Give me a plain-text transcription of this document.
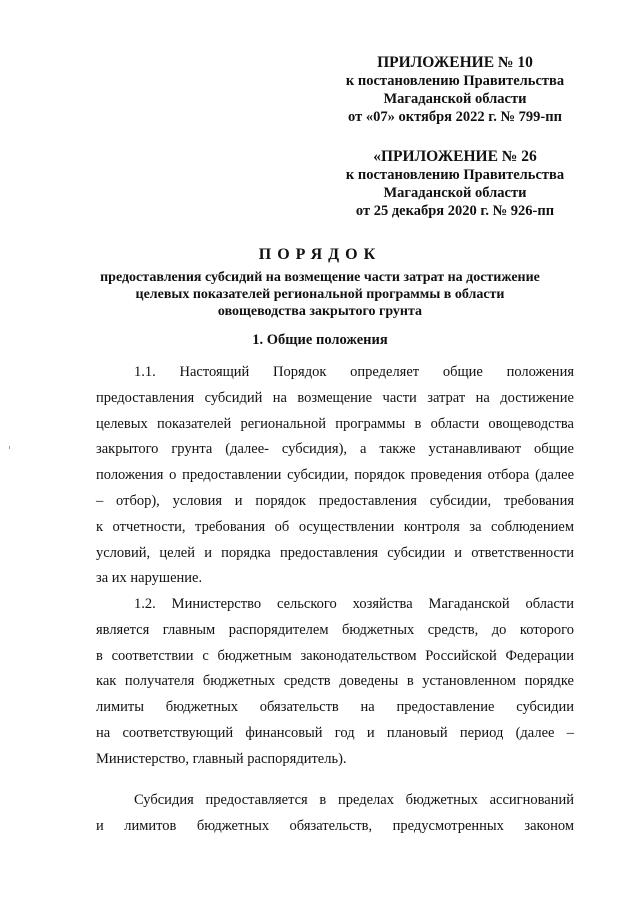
ПРИЛОЖЕНИЕ № 10
к постановлению Правительства
Магаданской области
от «07» октября 2022 г. № 799-пп
«ПРИЛОЖЕНИЕ № 26
к постановлению Правительства
Магаданской области
от 25 декабря 2020 г. № 926-пп
ПОРЯДОК
предоставления субсидий на возмещение части затрат на достижение
целевых показателей региональной программы в области
овощеводства закрытого грунта
1. Общие положения
1.1. Настоящий Порядок определяет общие положения
предоставления субсидий на возмещение части затрат на достижение
целевых показателей региональной программы в области овощеводства
закрытого грунта (далее- субсидия), а также устанавливают общие
положения о предоставлении субсидии, порядок проведения отбора (далее
– отбор), условия и порядок предоставления субсидии, требования
к отчетности, требования об осуществлении контроля за соблюдением
условий, целей и порядка предоставления субсидии и ответственности
за их нарушение.
1.2. Министерство сельского хозяйства Магаданской области
является главным распорядителем бюджетных средств, до которого
в соответствии с бюджетным законодательством Российской Федерации
как получателя бюджетных средств доведены в установленном порядке
лимиты бюджетных обязательств на предоставление субсидии
на соответствующий финансовый год и плановый период (далее –
Министерство, главный распорядитель).
Субсидия предоставляется в пределах бюджетных ассигнований
и лимитов бюджетных обязательств, предусмотренных законом
